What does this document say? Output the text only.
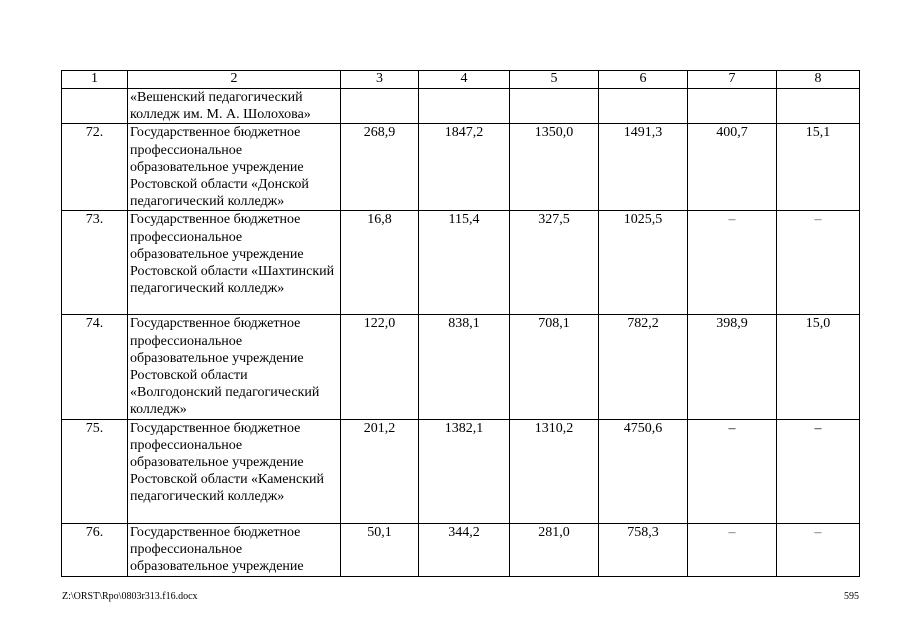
1	2	3	4	5	6	7	8
	«Вешенский педагогический колледж им. М. А. Шолохова»						
72.	Государственное бюджетное профессиональное образовательное учреждение Ростовской области «Донской педагогический колледж»	268,9	1847,2	1350,0	1491,3	400,7	15,1
73.	Государственное бюджетное профессиональное образовательное учреждение Ростовской области «Шахтинский педагогический колледж»	16,8	115,4	327,5	1025,5	–	–
74.	Государственное бюджетное профессиональное образовательное учреждение Ростовской области «Волгодонский педагогический колледж»	122,0	838,1	708,1	782,2	398,9	15,0
75.	Государственное бюджетное профессиональное образовательное учреждение Ростовской области «Каменский педагогический колледж»	201,2	1382,1	1310,2	4750,6	–	–
76.	Государственное бюджетное профессиональное образовательное учреждение	50,1	344,2	281,0	758,3	–	–
Z:\ORST\Rpo\0803r313.f16.docx	595
